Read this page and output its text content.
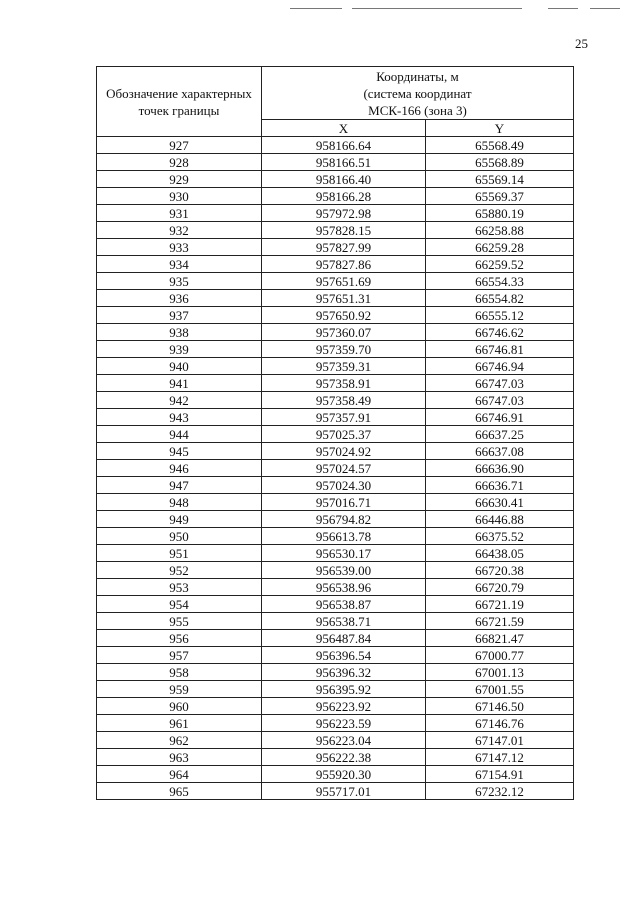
25
Обозначение характерных точек границы	Координаты, м
(система координат
МСК-166 (зона 3)	
	X	Y
927	958166.64	65568.49
928	958166.51	65568.89
929	958166.40	65569.14
930	958166.28	65569.37
931	957972.98	65880.19
932	957828.15	66258.88
933	957827.99	66259.28
934	957827.86	66259.52
935	957651.69	66554.33
936	957651.31	66554.82
937	957650.92	66555.12
938	957360.07	66746.62
939	957359.70	66746.81
940	957359.31	66746.94
941	957358.91	66747.03
942	957358.49	66747.03
943	957357.91	66746.91
944	957025.37	66637.25
945	957024.92	66637.08
946	957024.57	66636.90
947	957024.30	66636.71
948	957016.71	66630.41
949	956794.82	66446.88
950	956613.78	66375.52
951	956530.17	66438.05
952	956539.00	66720.38
953	956538.96	66720.79
954	956538.87	66721.19
955	956538.71	66721.59
956	956487.84	66821.47
957	956396.54	67000.77
958	956396.32	67001.13
959	956395.92	67001.55
960	956223.92	67146.50
961	956223.59	67146.76
962	956223.04	67147.01
963	956222.38	67147.12
964	955920.30	67154.91
965	955717.01	67232.12
